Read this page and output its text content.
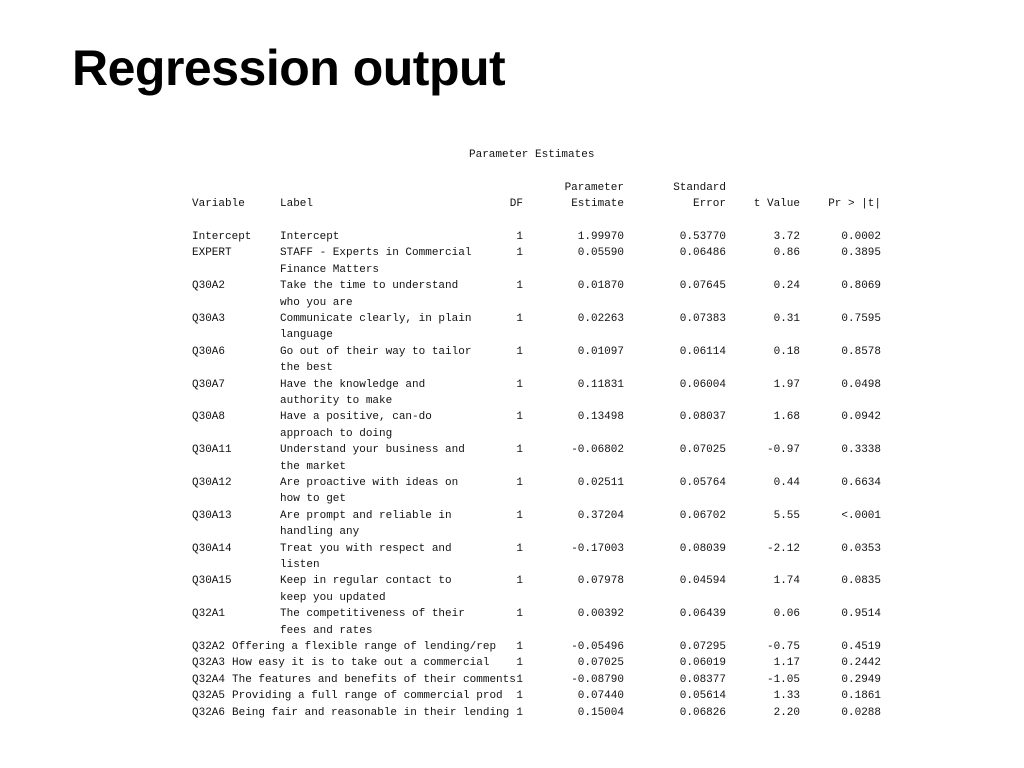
Regression output
Parameter Estimates
Parameter	Standard
Variable	Label	DF	Estimate	Error	t Value	Pr > |t|
Intercept	Intercept	1	1.99970	0.53770	3.72	0.0002
EXPERT	STAFF - Experts in Commercial	1	0.05590	0.06486	0.86	0.3895
Finance Matters
Q30A2	Take the time to understand	1	0.01870	0.07645	0.24	0.8069
who you are
Q30A3	Communicate clearly, in plain	1	0.02263	0.07383	0.31	0.7595
language
Q30A6	Go out of their way to tailor	1	0.01097	0.06114	0.18	0.8578
the best
Q30A7	Have the knowledge and	1	0.11831	0.06004	1.97	0.0498
authority to make
Q30A8	Have a positive, can-do	1	0.13498	0.08037	1.68	0.0942
approach to doing
Q30A11	Understand your business and	1	-0.06802	0.07025	-0.97	0.3338
the market
Q30A12	Are proactive with ideas on	1	0.02511	0.05764	0.44	0.6634
how to get
Q30A13	Are prompt and reliable in	1	0.37204	0.06702	5.55	<.0001
handling any
Q30A14	Treat you with respect and	1	-0.17003	0.08039	-2.12	0.0353
listen
Q30A15	Keep in regular contact to	1	0.07978	0.04594	1.74	0.0835
keep you updated
Q32A1	The competitiveness of their	1	0.00392	0.06439	0.06	0.9514
fees and rates
Q32A2 Offering a flexible range of lending/rep	1	-0.05496	0.07295	-0.75	0.4519
Q32A3 How easy it is to take out a commercial	1	0.07025	0.06019	1.17	0.2442
Q32A4 The features and benefits of their comments 1	-0.08790	0.08377	-1.05	0.2949
Q32A5 Providing a full range of commercial prod	1	0.07440	0.05614	1.33	0.1861
Q32A6 Being fair and reasonable in their lending 1	0.15004	0.06826	2.20	0.0288
